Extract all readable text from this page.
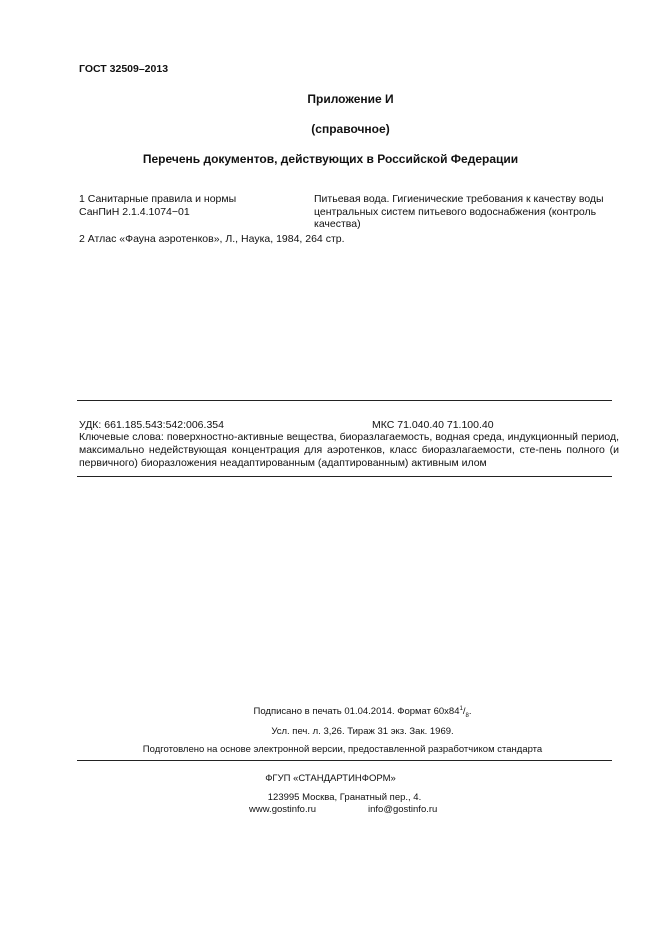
ГОСТ 32509–2013
Приложение И
(справочное)
Перечень документов, действующих в Российской Федерации
1 Санитарные правила и нормы
СанПиН 2.1.4.1074−01
Питьевая вода. Гигиенические требования к качеству воды центральных систем питьевого водоснабжения (контроль качества)
2 Атлас «Фауна аэротенков», Л., Наука, 1984, 264 стр.
УДК: 661.185.543:542:006.354	МКС 71.040.40 71.100.40
Ключевые слова: поверхностно-активные вещества, биоразлагаемость, водная среда, индукционный период, максимально недействующая концентрация для аэротенков, класс биоразлагаемости, сте-пень полного (и первичного) биоразложения неадаптированным (адаптированным) активным илом
Подписано в печать 01.04.2014. Формат $60x84^1/_8$.
Усл. печ. л. 3,26. Тираж 31 экз. Зак. 1969.
Подготовлено на основе электронной версии, предоставленной разработчиком стандарта
ФГУП «СТАНДАРТИНФОРМ»
123995 Москва, Гранатный пер., 4.
www.gostinfo.ru	info@gostinfo.ru
